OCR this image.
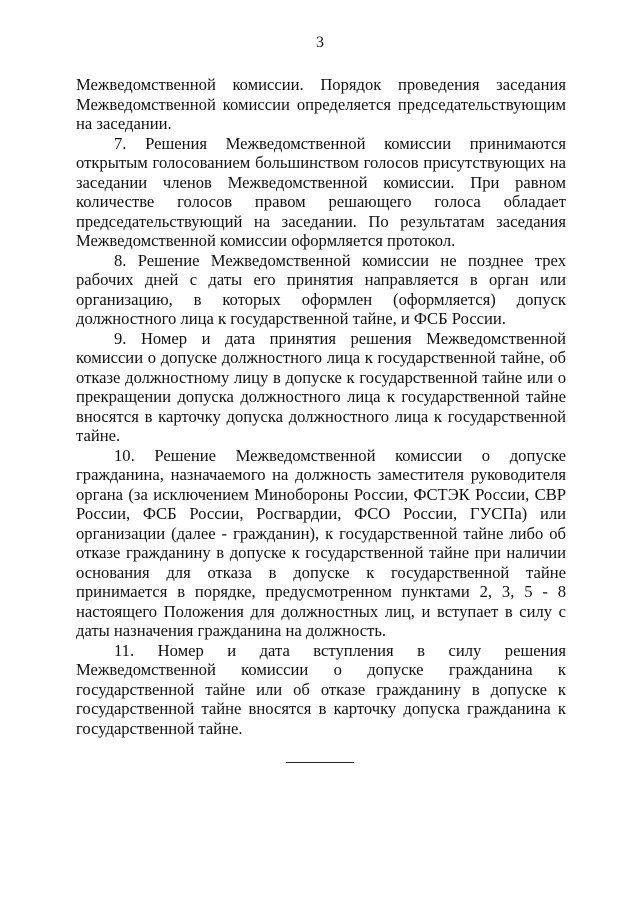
3

Межведомственной комиссии. Порядок проведения заседания Межведомственной комиссии определяется председательствующим на заседании.

7. Решения Межведомственной комиссии принимаются открытым голосованием большинством голосов присутствующих на заседании членов Межведомственной комиссии. При равном количестве голосов правом решающего голоса обладает председательствующий на заседании. По результатам заседания Межведомственной комиссии оформляется протокол.

8. Решение Межведомственной комиссии не позднее трех рабочих дней с даты его принятия направляется в орган или организацию, в которых оформлен (оформляется) допуск должностного лица к государственной тайне, и ФСБ России.

9. Номер и дата принятия решения Межведомственной комиссии о допуске должностного лица к государственной тайне, об отказе должностному лицу в допуске к государственной тайне или о прекращении допуска должностного лица к государственной тайне вносятся в карточку допуска должностного лица к государственной тайне.

10. Решение Межведомственной комиссии о допуске гражданина, назначаемого на должность заместителя руководителя органа (за исключением Минобороны России, ФСТЭК России, СВР России, ФСБ России, Росгвардии, ФСО России, ГУСПа) или организации (далее - гражданин), к государственной тайне либо об отказе гражданину в допуске к государственной тайне при наличии основания для отказа в допуске к государственной тайне принимается в порядке, предусмотренном пунктами 2, 3, 5 - 8 настоящего Положения для должностных лиц, и вступает в силу с даты назначения гражданина на должность.

11. Номер и дата вступления в силу решения Межведомственной комиссии о допуске гражданина к государственной тайне или об отказе гражданину в допуске к государственной тайне вносятся в карточку допуска гражданина к государственной тайне.
